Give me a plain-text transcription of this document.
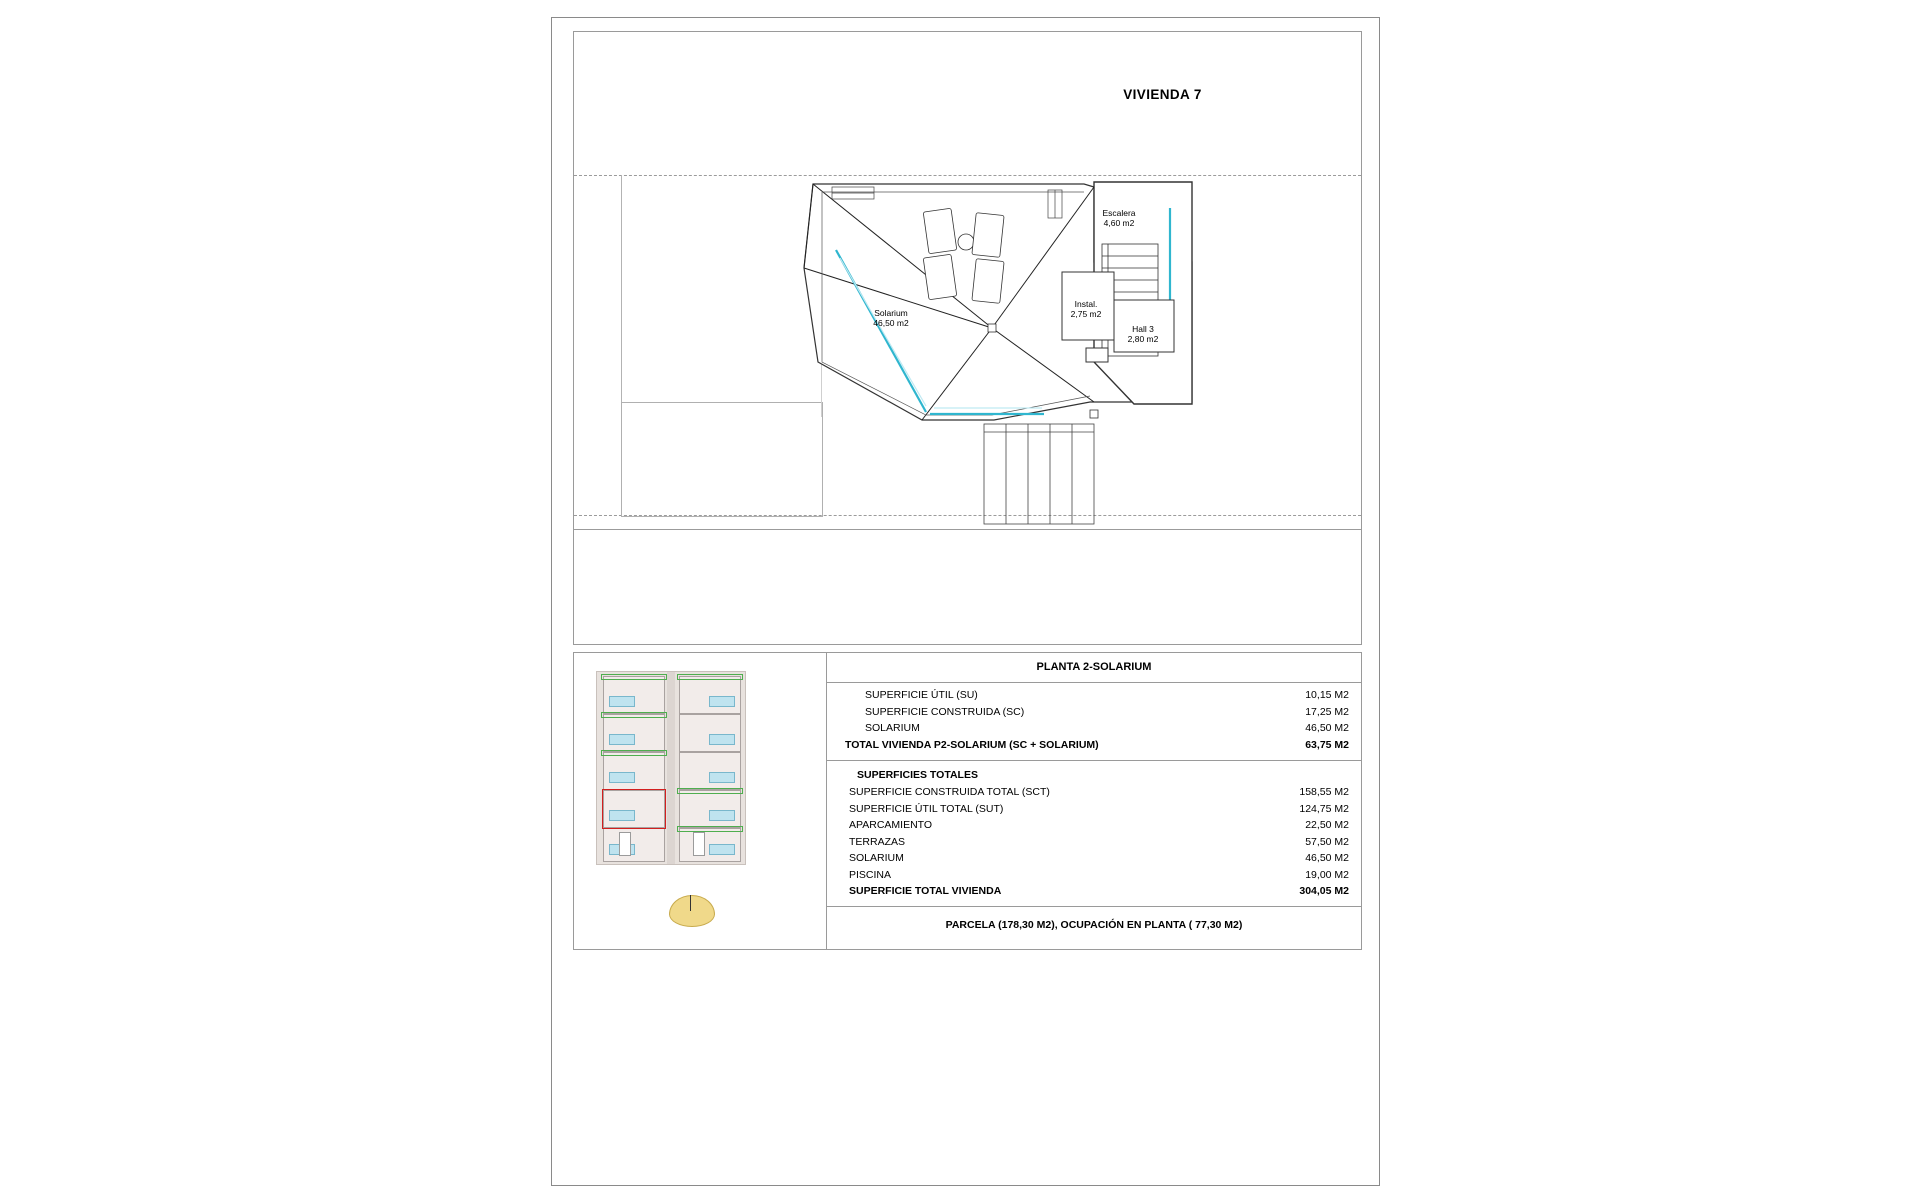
VIVIENDA 7
Solarium
46,50 m2
Escalera
4,60 m2
Instal.
2,75 m2
Hall 3
2,80 m2
PLANTA 2-SOLARIUM
SUPERFICIE ÚTIL (SU)	10,15 M2
SUPERFICIE CONSTRUIDA (SC)	17,25 M2
SOLARIUM	46,50 M2
TOTAL VIVIENDA P2-SOLARIUM (SC + SOLARIUM)	63,75 M2
SUPERFICIES TOTALES
SUPERFICIE CONSTRUIDA TOTAL (SCT)	158,55 M2
SUPERFICIE ÚTIL TOTAL (SUT)	124,75 M2
APARCAMIENTO	22,50 M2
TERRAZAS	57,50 M2
SOLARIUM	46,50 M2
PISCINA	19,00 M2
SUPERFICIE TOTAL VIVIENDA	304,05 M2
PARCELA (178,30 M2), OCUPACIÓN EN PLANTA ( 77,30 M2)
